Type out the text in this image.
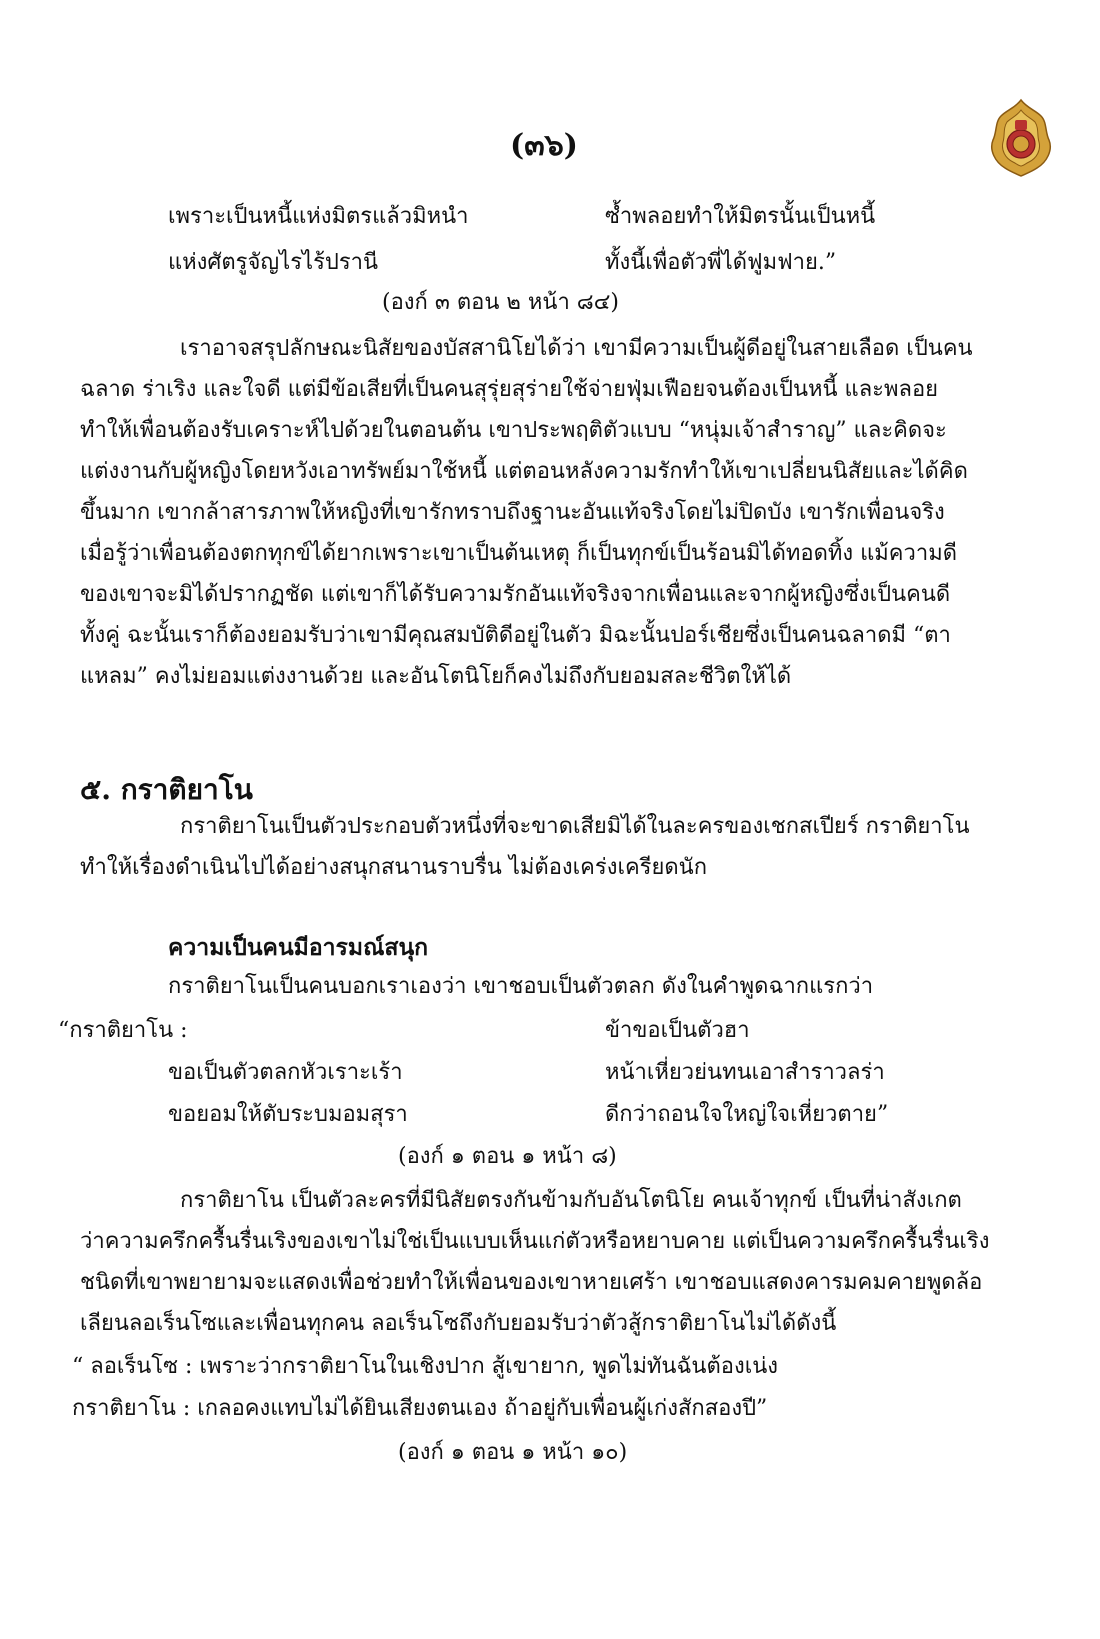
(๓๖)
เพราะเป็นหนี้แห่งมิตรแล้วมิหนำ	ซ้ำพลอยทำให้มิตรนั้นเป็นหนี้
แห่งศัตรูจัญไรไร้ปรานี	ทั้งนี้เพื่อตัวพี่ได้ฟูมฟาย.”
(องก์ ๓ ตอน ๒ หน้า ๘๔)

เราอาจสรุปลักษณะนิสัยของบัสสานิโยได้ว่า เขามีความเป็นผู้ดีอยู่ในสายเลือด เป็นคน

ฉลาด ร่าเริง และใจดี แต่มีข้อเสียที่เป็นคนสุรุ่ยสุร่ายใช้จ่ายฟุ่มเฟือยจนต้องเป็นหนี้ และพลอย

ทำให้เพื่อนต้องรับเคราะห์ไปด้วยในตอนต้น เขาประพฤติตัวแบบ “หนุ่มเจ้าสำราญ” และคิดจะ

แต่งงานกับผู้หญิงโดยหวังเอาทรัพย์มาใช้หนี้ แต่ตอนหลังความรักทำให้เขาเปลี่ยนนิสัยและได้คิด

ขึ้นมาก เขากล้าสารภาพให้หญิงที่เขารักทราบถึงฐานะอันแท้จริงโดยไม่ปิดบัง เขารักเพื่อนจริง

เมื่อรู้ว่าเพื่อนต้องตกทุกข์ได้ยากเพราะเขาเป็นต้นเหตุ ก็เป็นทุกข์เป็นร้อนมิได้ทอดทิ้ง แม้ความดี

ของเขาจะมิได้ปรากฏชัด แต่เขาก็ได้รับความรักอันแท้จริงจากเพื่อนและจากผู้หญิงซึ่งเป็นคนดี

ทั้งคู่ ฉะนั้นเราก็ต้องยอมรับว่าเขามีคุณสมบัติดีอยู่ในตัว มิฉะนั้นปอร์เชียซึ่งเป็นคนฉลาดมี “ตา

แหลม” คงไม่ยอมแต่งงานด้วย และอันโตนิโยก็คงไม่ถึงกับยอมสละชีวิตให้ได้

๕. กราติยาโน

กราติยาโนเป็นตัวประกอบตัวหนึ่งที่จะขาดเสียมิได้ในละครของเชกสเปียร์ กราติยาโน

ทำให้เรื่องดำเนินไปได้อย่างสนุกสนานราบรื่น ไม่ต้องเคร่งเครียดนัก

ความเป็นคนมีอารมณ์สนุก
กราติยาโนเป็นคนบอกเราเองว่า เขาชอบเป็นตัวตลก ดังในคำพูดฉากแรกว่า
“กราติยาโน :	ข้าขอเป็นตัวฮา
ขอเป็นตัวตลกหัวเราะเร้า	หน้าเหี่ยวย่นทนเอาสำราวลร่า
ขอยอมให้ตับระบมอมสุรา	ดีกว่าถอนใจใหญ่ใจเหี่ยวตาย”
(องก์ ๑ ตอน ๑ หน้า ๘)

กราติยาโน เป็นตัวละครที่มีนิสัยตรงกันข้ามกับอันโตนิโย คนเจ้าทุกข์ เป็นที่น่าสังเกต

ว่าความครึกครื้นรื่นเริงของเขาไม่ใช่เป็นแบบเห็นแก่ตัวหรือหยาบคาย แต่เป็นความครึกครื้นรื่นเริง

ชนิดที่เขาพยายามจะแสดงเพื่อช่วยทำให้เพื่อนของเขาหายเศร้า เขาชอบแสดงคารมคมคายพูดล้อ

เลียนลอเร็นโซและเพื่อนทุกคน ลอเร็นโซถึงกับยอมรับว่าตัวสู้กราติยาโนไม่ได้ดังนี้

“ ลอเร็นโซ : เพราะว่ากราติยาโนในเชิงปาก สู้เขายาก, พูดไม่ทันฉันต้องเน่ง
กราติยาโน : เกลอคงแทบไม่ได้ยินเสียงตนเอง ถ้าอยู่กับเพื่อนผู้เก่งสักสองปี”
(องก์ ๑ ตอน ๑ หน้า ๑๐)
